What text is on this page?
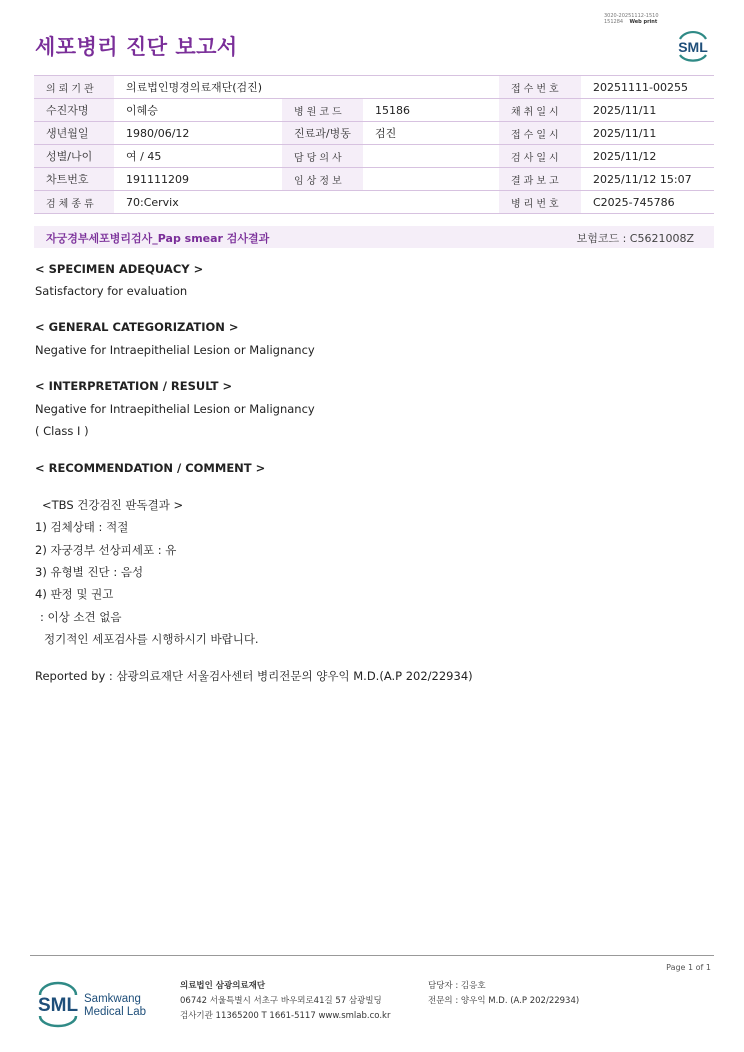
3020-20251112-1510
151284 Web print
세포병리 진단 보고서	SML
의뢰기관	의료법인명경의료재단(검진)			접수번호	20251111-00255
수진자명	이혜승	병원코드	15186	채취일시	2025/11/11
생년월일	1980/06/12	진료과/병동	검진	접수일시	2025/11/11
성별/나이	여 / 45	담당의사		검사일시	2025/11/12
차트번호	191111209	임상정보		결과보고	2025/11/12 15:07
검체종류	70:Cervix			병리번호	C2025-745786
자궁경부세포병리검사_Pap smear 검사결과	보험코드 : C5621008Z
< SPECIMEN ADEQUACY >
Satisfactory for evaluation
< GENERAL CATEGORIZATION >
Negative for Intraepithelial Lesion or Malignancy
< INTERPRETATION / RESULT >
Negative for Intraepithelial Lesion or Malignancy
( Class I )
< RECOMMENDATION / COMMENT >
<TBS 건강검진 판독결과 >
1) 검체상태 : 적절
2) 자궁경부 선상피세포 : 유
3) 유형별 진단 : 음성
4) 판정 및 권고
: 이상 소견 없음
정기적인 세포검사를 시행하시기 바랍니다.
Reported by : 삼광의료재단 서울검사센터 병리전문의 양우익 M.D.(A.P 202/22934)
Page 1 of 1
SML Samkwang
Medical Lab
의료법인 삼광의료재단
06742 서울특별시 서초구 바우뫼로41길 57 삼광빌딩
검사기관 11365200 T 1661-5117 www.smlab.co.kr
담당자 : 김응호
전문의 : 양우익 M.D. (A.P 202/22934)
